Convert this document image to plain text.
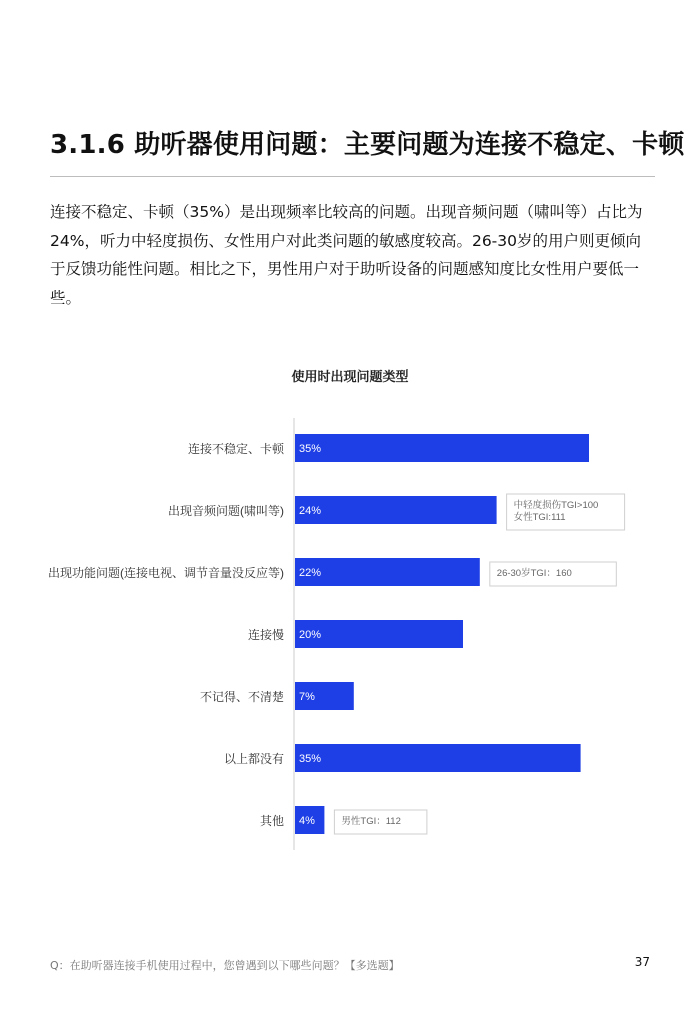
3.1.6 助听器使用问题：主要问题为连接不稳定、卡顿
连接不稳定、卡顿（35%）是出现频率比较高的问题。出现音频问题（啸叫等）占比为24%，听力中轻度损伤、女性用户对此类问题的敏感度较高。26-30岁的用户则更倾向于反馈功能性问题。相比之下，男性用户对于助听设备的问题感知度比女性用户要低一些。
使用时出现问题类型
连接不稳定、卡顿 35%
出现音频问题(啸叫等) 24%
出现功能问题(连接电视、调节音量没反应等) 22%
连接慢 20%
不记得、不清楚 7%
以上都没有 35%
其他 4%
中轻度损伤TGI>100
女性TGI:111
26-30岁TGI：160
男性TGI：112
Q：在助听器连接手机使用过程中，您曾遇到以下哪些问题？【多选题】	37
